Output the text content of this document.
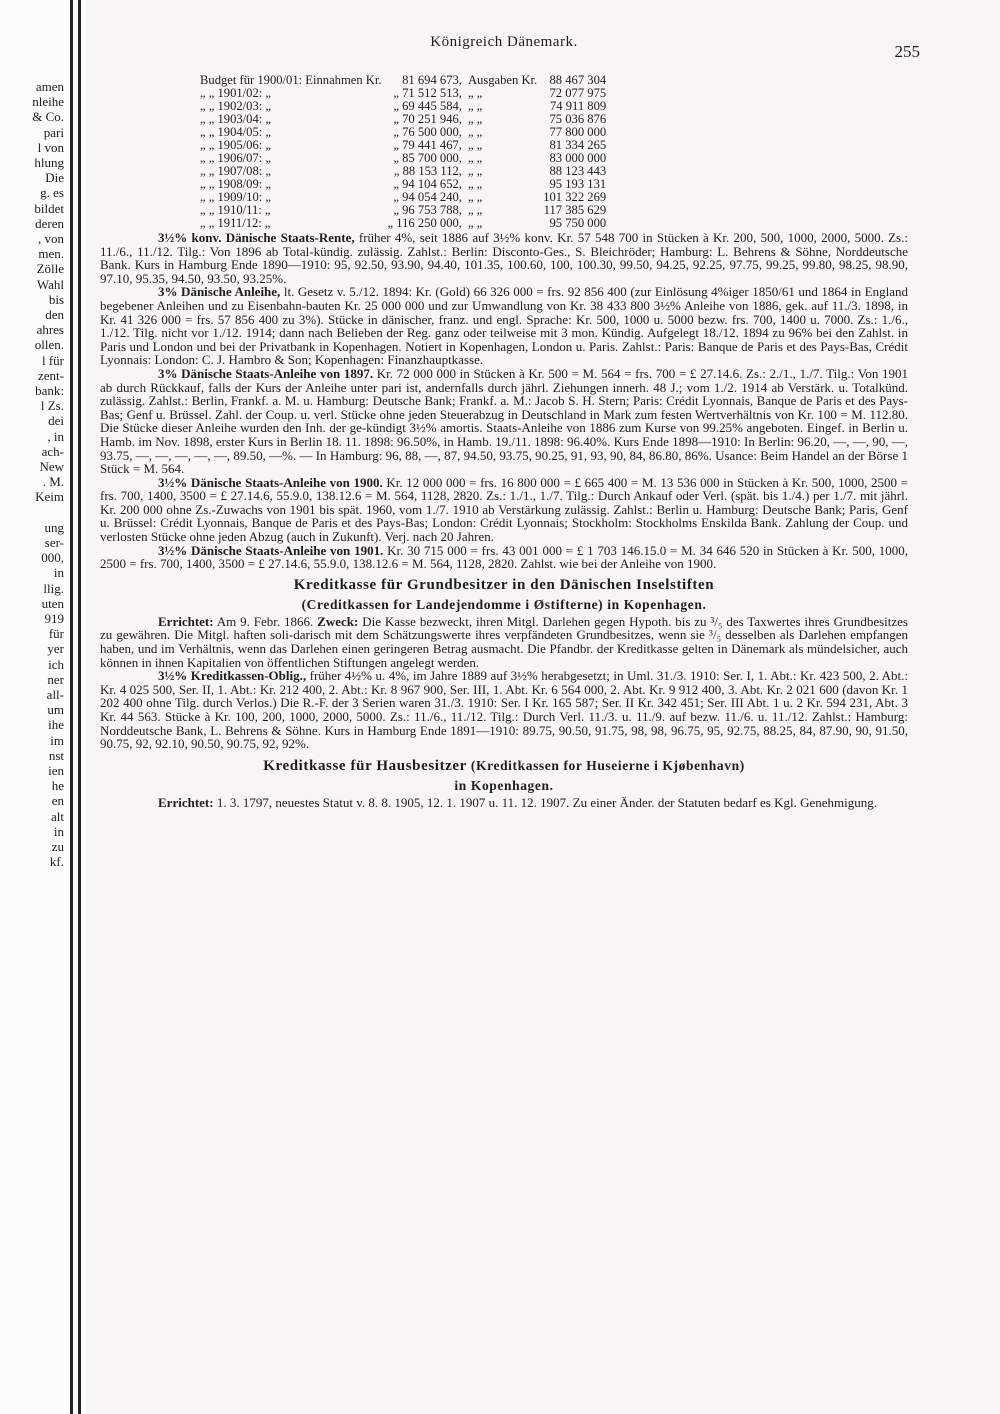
amen
nleihe
& Co.
pari
l von
hlung
Die
g. es
bildet
deren
, von
men.
Zölle
Wahl
bis
den
ahres
ollen.
l für
zent-
bank:
l Zs.
dei
, in
ach-
New
. M.
Keim
ung
ser-
000,
in
llig.
uten
919
für
yer
ich
ner
all-
um
ihe
im
nst
ien
he
en
alt
in
zu
kf.
Königreich Dänemark.	255
Budget für 1900/01: Einnahmen Kr.	81 694 673,	Ausgaben Kr.	88 467 304
„ „ 1901/02: „	„ 71 512 513,	„ „	72 077 975
„ „ 1902/03: „	„ 69 445 584,	„ „	74 911 809
„ „ 1903/04: „	„ 70 251 946,	„ „	75 036 876
„ „ 1904/05: „	„ 76 500 000,	„ „	77 800 000
„ „ 1905/06: „	„ 79 441 467,	„ „	81 334 265
„ „ 1906/07: „	„ 85 700 000,	„ „	83 000 000
„ „ 1907/08: „	„ 88 153 112,	„ „	88 123 443
„ „ 1908/09: „	„ 94 104 652,	„ „	95 193 131
„ „ 1909/10: „	„ 94 054 240,	„ „	101 322 269
„ „ 1910/11: „	„ 96 753 788,	„ „	117 385 629
„ „ 1911/12: „	„ 116 250 000,	„ „	95 750 000

3½% konv. Dänische Staats-Rente, früher 4%, seit 1886 auf 3½% konv. Kr. 57 548 700 in Stücken à Kr. 200, 500, 1000, 2000, 5000. Zs.: 11./6., 11./12. Tilg.: Von 1896 ab Total-kündig. zulässig. Zahlst.: Berlin: Disconto-Ges., S. Bleichröder; Hamburg: L. Behrens & Söhne, Norddeutsche Bank. Kurs in Hamburg Ende 1890—1910: 95, 92.50, 93.90, 94.40, 101.35, 100.60, 100, 100.30, 99.50, 94.25, 92.25, 97.75, 99.25, 99.80, 98.25, 98.90, 97.10, 95.35, 94.50, 93.50, 93.25%.

3% Dänische Anleihe, lt. Gesetz v. 5./12. 1894: Kr. (Gold) 66 326 000 = frs. 92 856 400 (zur Einlösung 4%iger 1850/61 und 1864 in England begebener Anleihen und zu Eisenbahn-bauten Kr. 25 000 000 und zur Umwandlung von Kr. 38 433 800 3½% Anleihe von 1886, gek. auf 11./3. 1898, in Kr. 41 326 000 = frs. 57 856 400 zu 3%). Stücke in dänischer, franz. und engl. Sprache: Kr. 500, 1000 u. 5000 bezw. frs. 700, 1400 u. 7000. Zs.: 1./6., 1./12. Tilg. nicht vor 1./12. 1914; dann nach Belieben der Reg. ganz oder teilweise mit 3 mon. Kündig. Aufgelegt 18./12. 1894 zu 96% bei den Zahlst. in Paris und London und bei der Privatbank in Kopenhagen. Notiert in Kopenhagen, London u. Paris. Zahlst.: Paris: Banque de Paris et des Pays-Bas, Crédit Lyonnais: London: C. J. Hambro & Son; Kopenhagen: Finanzhauptkasse.

3% Dänische Staats-Anleihe von 1897. Kr. 72 000 000 in Stücken à Kr. 500 = M. 564 = frs. 700 = £ 27.14.6. Zs.: 2./1., 1./7. Tilg.: Von 1901 ab durch Rückkauf, falls der Kurs der Anleihe unter pari ist, andernfalls durch jährl. Ziehungen innerh. 48 J.; vom 1./2. 1914 ab Verstärk. u. Totalkünd. zulässig. Zahlst.: Berlin, Frankf. a. M. u. Hamburg: Deutsche Bank; Frankf. a. M.: Jacob S. H. Stern; Paris: Crédit Lyonnais, Banque de Paris et des Pays-Bas; Genf u. Brüssel. Zahl. der Coup. u. verl. Stücke ohne jeden Steuerabzug in Deutschland in Mark zum festen Wertverhältnis von Kr. 100 = M. 112.80. Die Stücke dieser Anleihe wurden den Inh. der ge-kündigt 3½% amortis. Staats-Anleihe von 1886 zum Kurse von 99.25% angeboten. Eingef. in Berlin u. Hamb. im Nov. 1898, erster Kurs in Berlin 18. 11. 1898: 96.50%, in Hamb. 19./11. 1898: 96.40%. Kurs Ende 1898—1910: In Berlin: 96.20, —, —, 90, —, 93.75, —, —, —, —, —, 89.50, —%. — In Hamburg: 96, 88, —, 87, 94.50, 93.75, 90.25, 91, 93, 90, 84, 86.80, 86%. Usance: Beim Handel an der Börse 1 Stück = M. 564.

3½% Dänische Staats-Anleihe von 1900. Kr. 12 000 000 = frs. 16 800 000 = £ 665 400 = M. 13 536 000 in Stücken à Kr. 500, 1000, 2500 = frs. 700, 1400, 3500 = £ 27.14.6, 55.9.0, 138.12.6 = M. 564, 1128, 2820. Zs.: 1./1., 1./7. Tilg.: Durch Ankauf oder Verl. (spät. bis 1./4.) per 1./7. mit jährl. Kr. 200 000 ohne Zs.-Zuwachs von 1901 bis spät. 1960, vom 1./7. 1910 ab Verstärkung zulässig. Zahlst.: Berlin u. Hamburg: Deutsche Bank; Paris, Genf u. Brüssel: Crédit Lyonnais, Banque de Paris et des Pays-Bas; London: Crédit Lyonnais; Stockholm: Stockholms Enskilda Bank. Zahlung der Coup. und verlosten Stücke ohne jeden Abzug (auch in Zukunft). Verj. nach 20 Jahren.

3½% Dänische Staats-Anleihe von 1901. Kr. 30 715 000 = frs. 43 001 000 = £ 1 703 146.15.0 = M. 34 646 520 in Stücken à Kr. 500, 1000, 2500 = frs. 700, 1400, 3500 = £ 27.14.6, 55.9.0, 138.12.6 = M. 564, 1128, 2820. Zahlst. wie bei der Anleihe von 1900.

Kreditkasse für Grundbesitzer in den Dänischen Inselstiften
(Creditkassen for Landejendomme i Østifterne) in Kopenhagen.

Errichtet: Am 9. Febr. 1866. Zweck: Die Kasse bezweckt, ihren Mitgl. Darlehen gegen Hypoth. bis zu ³/₅ des Taxwertes ihres Grundbesitzes zu gewähren. Die Mitgl. haften soli-darisch mit dem Schätzungswerte ihres verpfändeten Grundbesitzes, wenn sie ³/₅ desselben als Darlehen empfangen haben, und im Verhältnis, wenn das Darlehen einen geringeren Betrag ausmacht. Die Pfandbr. der Kreditkasse gelten in Dänemark als mündelsicher, auch können in ihnen Kapitalien von öffentlichen Stiftungen angelegt werden.

3½% Kreditkassen-Oblig., früher 4½% u. 4%, im Jahre 1889 auf 3½% herabgesetzt; in Uml. 31./3. 1910: Ser. I, 1. Abt.: Kr. 423 500, 2. Abt.: Kr. 4 025 500, Ser. II, 1. Abt.: Kr. 212 400, 2. Abt.: Kr. 8 967 900, Ser. III, 1. Abt. Kr. 6 564 000, 2. Abt. Kr. 9 912 400, 3. Abt. Kr. 2 021 600 (davon Kr. 1 202 400 ohne Tilg. durch Verlos.) Die R.-F. der 3 Serien waren 31./3. 1910: Ser. I Kr. 165 587; Ser. II Kr. 342 451; Ser. III Abt. 1 u. 2 Kr. 594 231, Abt. 3 Kr. 44 563. Stücke à Kr. 100, 200, 1000, 2000, 5000. Zs.: 11./6., 11./12. Tilg.: Durch Verl. 11./3. u. 11./9. auf bezw. 11./6. u. 11./12. Zahlst.: Hamburg: Norddeutsche Bank, L. Behrens & Söhne. Kurs in Hamburg Ende 1891—1910: 89.75, 90.50, 91.75, 98, 98, 96.75, 95, 92.75, 88.25, 84, 87.90, 90, 91.50, 90.75, 92, 92.10, 90.50, 90.75, 92, 92%.

Kreditkasse für Hausbesitzer (Kreditkassen for Huseierne i Kjøbenhavn)
in Kopenhagen.

Errichtet: 1. 3. 1797, neuestes Statut v. 8. 8. 1905, 12. 1. 1907 u. 11. 12. 1907. Zu einer Änder. der Statuten bedarf es Kgl. Genehmigung.
